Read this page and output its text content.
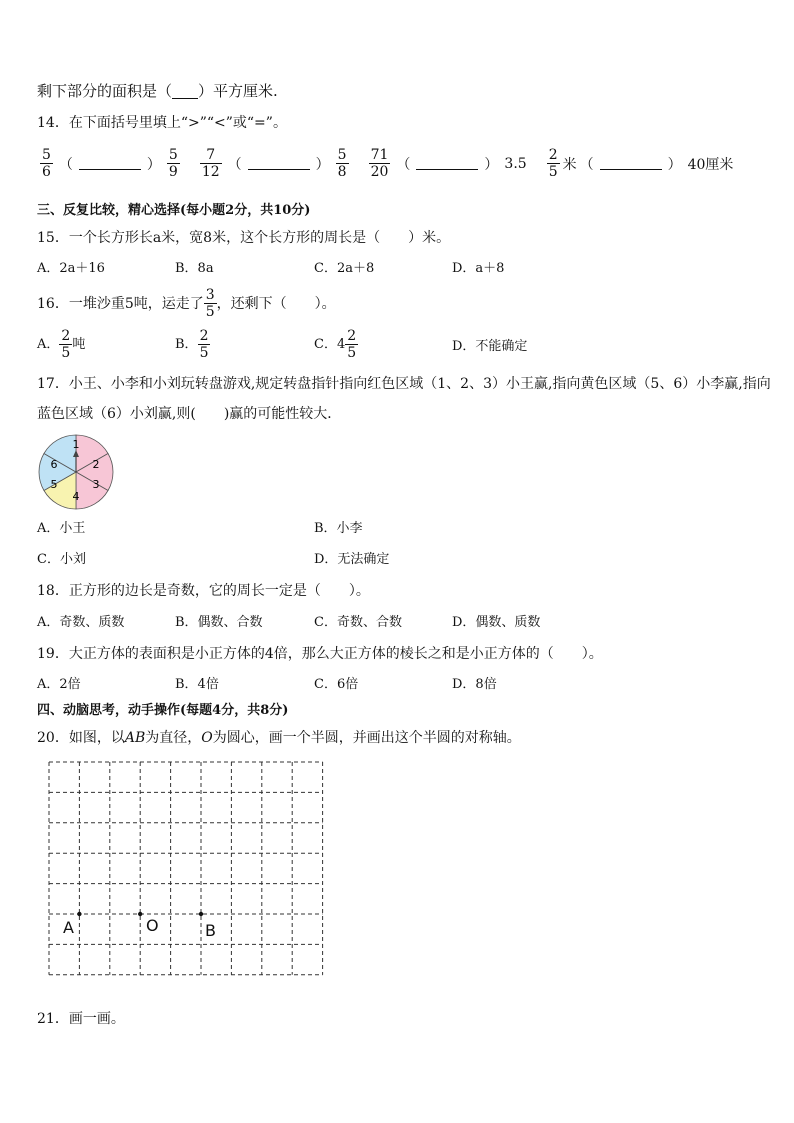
剩下部分的面积是（ ）平方厘米.
14．在下面括号里填上“>”“<”或“=”。
$\frac{5}{6}$ （	） $\frac{5}{9} \frac{7}{12}$ （	） $\frac{5}{8} \frac{71}{20}$ （	） $3.5 \frac{2}{5}$ 米 （	） 40厘米
三、反复比较，精心选择(每小题2分，共10分)
15．一个长方形长a米，宽8米，这个长方形的周长是（　　）米。
A．2a＋16	B．8a	C．2a＋8	D．a＋8
16．一堆沙重5吨，运走了 $\frac{3}{5}$ ，还剩下（　　）。
A． $\frac{2}{5}$ 吨	B． $\frac{2}{5}$	C．$4 \frac{2}{5}$	D．不能确定
17．小王、小李和小刘玩转盘游戏,规定转盘指针指向红色区域（1、2、3）小王赢,指向黄色区域（5、6）小李赢,指向
蓝色区域（6）小刘赢,则(　　)赢的可能性较大．
1
2
3
4
5
6
A．小王	B．小李
C．小刘	D．无法确定
18．正方形的边长是奇数，它的周长一定是（　　）。
A．奇数、质数	B．偶数、合数	C．奇数、合数	D．偶数、质数
19．大正方体的表面积是小正方体的4倍，那么大正方体的棱长之和是小正方体的（　　）。
A．2倍	B．4倍	C．6倍	D．8倍
四、动脑思考，动手操作(每题4分，共8分)
20．如图，以AB为直径，O为圆心，画一个半圆，并画出这个半圆的对称轴。
A	O	B
21．画一画。
